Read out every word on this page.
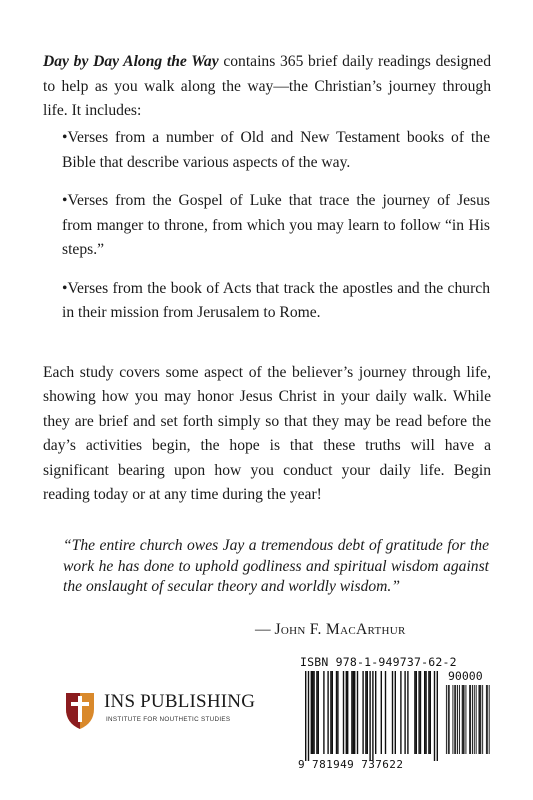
Day by Day Along the Way contains 365 brief daily readings designed to help as you walk along the way—the Christian’s journey through life. It includes:

•Verses from a number of Old and New Testament books of the Bible that describe various aspects of the way.
•Verses from the Gospel of Luke that trace the journey of Jesus from manger to throne, from which you may learn to follow “in His steps.”
•Verses from the book of Acts that track the apostles and the church in their mission from Jerusalem to Rome.

Each study covers some aspect of the believer’s journey through life, showing how you may honor Jesus Christ in your daily walk. While they are brief and set forth simply so that they may be read before the day’s activities begin, the hope is that these truths will have a significant bearing upon how you conduct your daily life. Begin reading today or at any time during the year!

“The entire church owes Jay a tremendous debt of gratitude for the work he has done to uphold godliness and spiritual wisdom against the onslaught of secular theory and worldly wisdom.”

— John F. MacArthur

INS PUBLISHING
INSTITUTE FOR NOUTHETIC STUDIES
ISBN 978-1-949737-62-2
90000
9 781949 737622
